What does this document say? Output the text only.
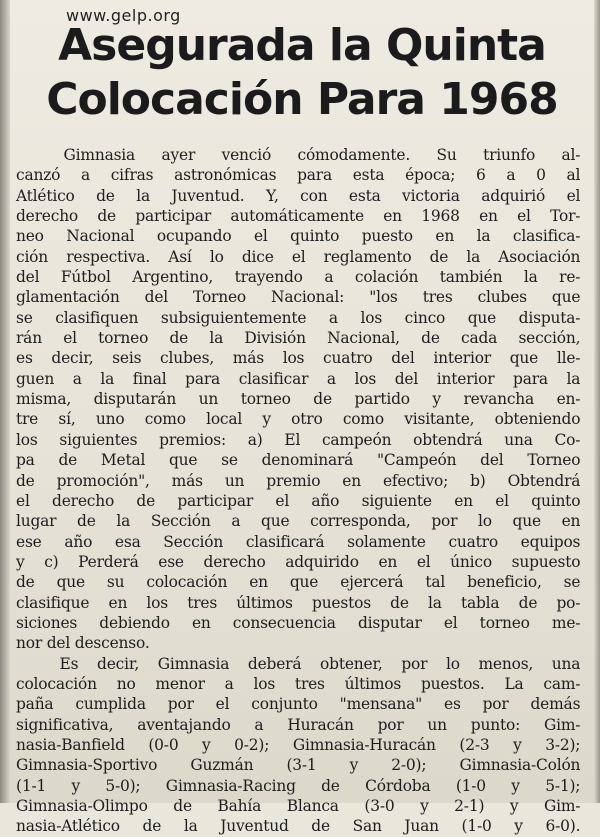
www.gelp.org
Asegurada la Quinta
Colocación Para 1968
Gimnasia ayer venció cómodamente. Su triunfo al-
canzó a cifras astronómicas para esta época; 6 a 0 al
Atlético de la Juventud. Y, con esta victoria adquirió el
derecho de participar automáticamente en 1968 en el Tor-
neo Nacional ocupando el quinto puesto en la clasifica-
ción respectiva. Así lo dice el reglamento de la Asociación
del Fútbol Argentino, trayendo a colación también la re-
glamentación del Torneo Nacional: "los tres clubes que
se clasifiquen subsiguientemente a los cinco que disputa-
rán el torneo de la División Nacional, de cada sección,
es decir, seis clubes, más los cuatro del interior que lle-
guen a la final para clasificar a los del interior para la
misma, disputarán un torneo de partido y revancha en-
tre sí, uno como local y otro como visitante, obteniendo
los siguientes premios: a) El campeón obtendrá una Co-
pa de Metal que se denominará "Campeón del Torneo
de promoción", más un premio en efectivo; b) Obtendrá
el derecho de participar el año siguiente en el quinto
lugar de la Sección a que corresponda, por lo que en
ese año esa Sección clasificará solamente cuatro equipos
y c) Perderá ese derecho adquirido en el único supuesto
de que su colocación en que ejercerá tal beneficio, se
clasifique en los tres últimos puestos de la tabla de po-
siciones debiendo en consecuencia disputar el torneo me-
nor del descenso.
Es decir, Gimnasia deberá obtener, por lo menos, una
colocación no menor a los tres últimos puestos. La cam-
paña cumplida por el conjunto "mensana" es por demás
significativa, aventajando a Huracán por un punto: Gim-
nasia-Banfield (0-0 y 0-2); Gimnasia-Huracán (2-3 y 3-2);
Gimnasia-Sportivo Guzmán (3-1 y 2-0); Gimnasia-Colón
(1-1 y 5-0); Gimnasia-Racing de Córdoba (1-0 y 5-1);
Gimnasia-Olimpo de Bahía Blanca (3-0 y 2-1) y Gim-
nasia-Atlético de la Juventud de San Juan (1-0 y 6-0).
